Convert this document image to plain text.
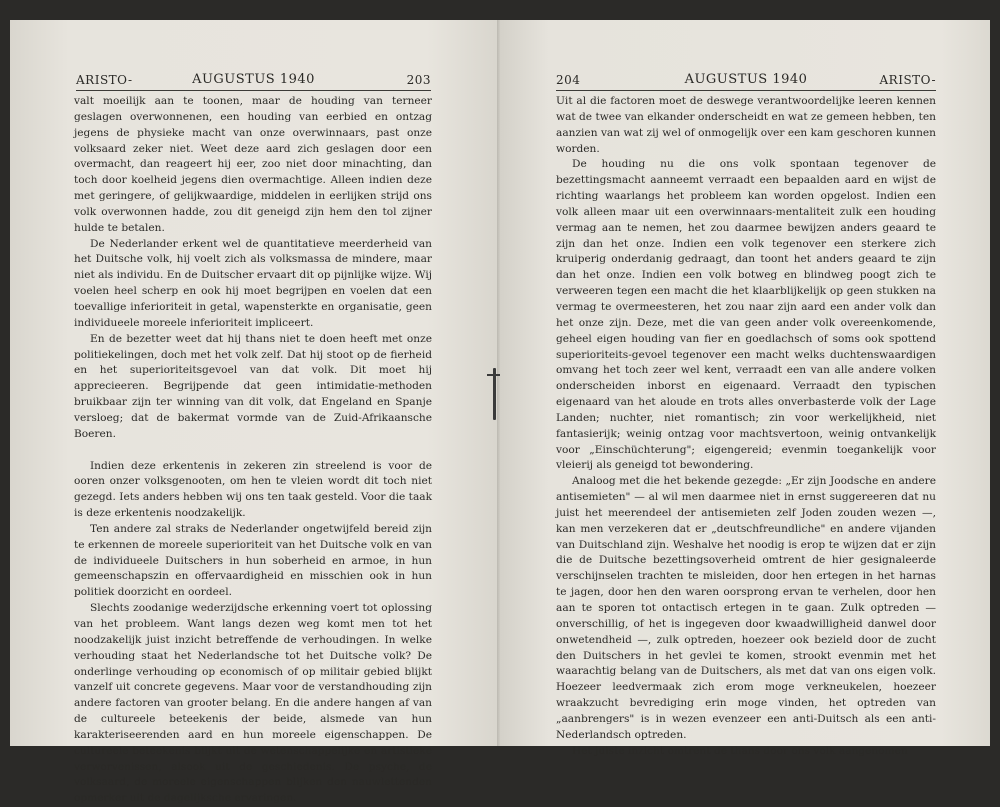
ARISTO-	AUGUSTUS 1940	203

valt moeilijk aan te toonen, maar de houding van terneer geslagen overwonnenen, een houding van eerbied en ontzag jegens de physieke macht van onze overwinnaars, past onze volksaard zeker niet. Weet deze aard zich geslagen door een overmacht, dan reageert hij eer, zoo niet door minachting, dan toch door koelheid jegens dien overmachtige. Alleen indien deze met geringere, of gelijkwaardige, middelen in eerlijken strijd ons volk overwonnen hadde, zou dit geneigd zijn hem den tol zijner hulde te betalen.

De Nederlander erkent wel de quantitatieve meerderheid van het Duitsche volk, hij voelt zich als volksmassa de mindere, maar niet als individu. En de Duitscher ervaart dit op pijnlijke wijze. Wij voelen heel scherp en ook hij moet begrijpen en voelen dat een toevallige inferioriteit in getal, wapensterkte en organisatie, geen individueele moreele inferioriteit impliceert.

En de bezetter weet dat hij thans niet te doen heeft met onze politiekelingen, doch met het volk zelf. Dat hij stoot op de fierheid en het superioriteitsgevoel van dat volk. Dit moet hij apprecieeren. Begrijpende dat geen intimidatie-methoden bruikbaar zijn ter winning van dit volk, dat Engeland en Spanje versloeg; dat de bakermat vormde van de Zuid-Afrikaansche Boeren.

Indien deze erkentenis in zekeren zin streelend is voor de ooren onzer volksgenooten, om hen te vleien wordt dit toch niet gezegd. Iets anders hebben wij ons ten taak gesteld. Voor die taak is deze erkentenis noodzakelijk.

Ten andere zal straks de Nederlander ongetwijfeld bereid zijn te erkennen de moreele superioriteit van het Duitsche volk en van de individueele Duitschers in hun soberheid en armoe, in hun gemeenschapszin en offervaardigheid en misschien ook in hun politiek doorzicht en oordeel.

Slechts zoodanige wederzijdsche erkenning voert tot oplossing van het probleem. Want langs dezen weg komt men tot het noodzakelijk juist inzicht betreffende de verhoudingen. In welke verhouding staat het Nederlandsche tot het Duitsche volk? De onderlinge verhouding op economisch of op militair gebied blijkt vanzelf uit concrete gegevens. Maar voor de verstandhouding zijn andere factoren van grooter belang. En die andere hangen af van de cultureele beteekenis der beide, alsmede van hun karakteriseerenden aard en hun moreele eigenschappen. De cultureele beteekenis blijkt uit de wetenschappelijke en artistieke verworvenissen, alsook uit de geschiedenis. De psyche, de volksaard, de moreele eigenschappen blijken den nauwlettenden opmerker uit de dagelijksche ervaringen.

204	AUGUSTUS 1940	ARISTO-

Uit al die factoren moet de deswege verantwoordelijke leeren kennen wat de twee van elkander onderscheidt en wat ze gemeen hebben, ten aanzien van wat zij wel of onmogelijk over een kam geschoren kunnen worden.

De houding nu die ons volk spontaan tegenover de bezettingsmacht aanneemt verraadt een bepaalden aard en wijst de richting waarlangs het probleem kan worden opgelost. Indien een volk alleen maar uit een overwinnaars-mentaliteit zulk een houding vermag aan te nemen, het zou daarmee bewijzen anders geaard te zijn dan het onze. Indien een volk tegenover een sterkere zich kruiperig onderdanig gedraagt, dan toont het anders geaard te zijn dan het onze. Indien een volk botweg en blindweg poogt zich te verweeren tegen een macht die het klaarblijkelijk op geen stukken na vermag te overmeesteren, het zou naar zijn aard een ander volk dan het onze zijn. Deze, met die van geen ander volk overeenkomende, geheel eigen houding van fier en goedlachsch of soms ook spottend superioriteits-gevoel tegenover een macht welks duchtenswaardigen omvang het toch zeer wel kent, verraadt een van alle andere volken onderscheiden inborst en eigenaard. Verraadt den typischen eigenaard van het aloude en trots alles onverbasterde volk der Lage Landen; nuchter, niet romantisch; zin voor werkelijkheid, niet fantasierijk; weinig ontzag voor machtsvertoon, weinig ontvankelijk voor „Einschüchterung"; eigengereid; evenmin toegankelijk voor vleierij als geneigd tot bewondering.

Analoog met die het bekende gezegde: „Er zijn Joodsche en andere antisemieten" — al wil men daarmee niet in ernst suggereeren dat nu juist het meerendeel der antisemieten zelf Joden zouden wezen —, kan men verzekeren dat er „deutschfreundliche" en andere vijanden van Duitschland zijn. Weshalve het noodig is erop te wijzen dat er zijn die de Duitsche bezettingsoverheid omtrent de hier gesignaleerde verschijnselen trachten te misleiden, door hen ertegen in het harnas te jagen, door hen den waren oorsprong ervan te verhelen, door hen aan te sporen tot ontactisch ertegen in te gaan. Zulk optreden — onverschillig, of het is ingegeven door kwaadwilligheid danwel door onwetendheid —, zulk optreden, hoezeer ook bezield door de zucht den Duitschers in het gevlei te komen, strookt evenmin met het waarachtig belang van de Duitschers, als met dat van ons eigen volk. Hoezeer leedvermaak zich erom moge verkneukelen, hoezeer wraakzucht bevrediging erin moge vinden, het optreden van „aanbrengers" is in wezen evenzeer een anti-Duitsch als een anti-Nederlandsch optreden.

Het juiste inzicht omtrent de thans door ons volk aangenomen
